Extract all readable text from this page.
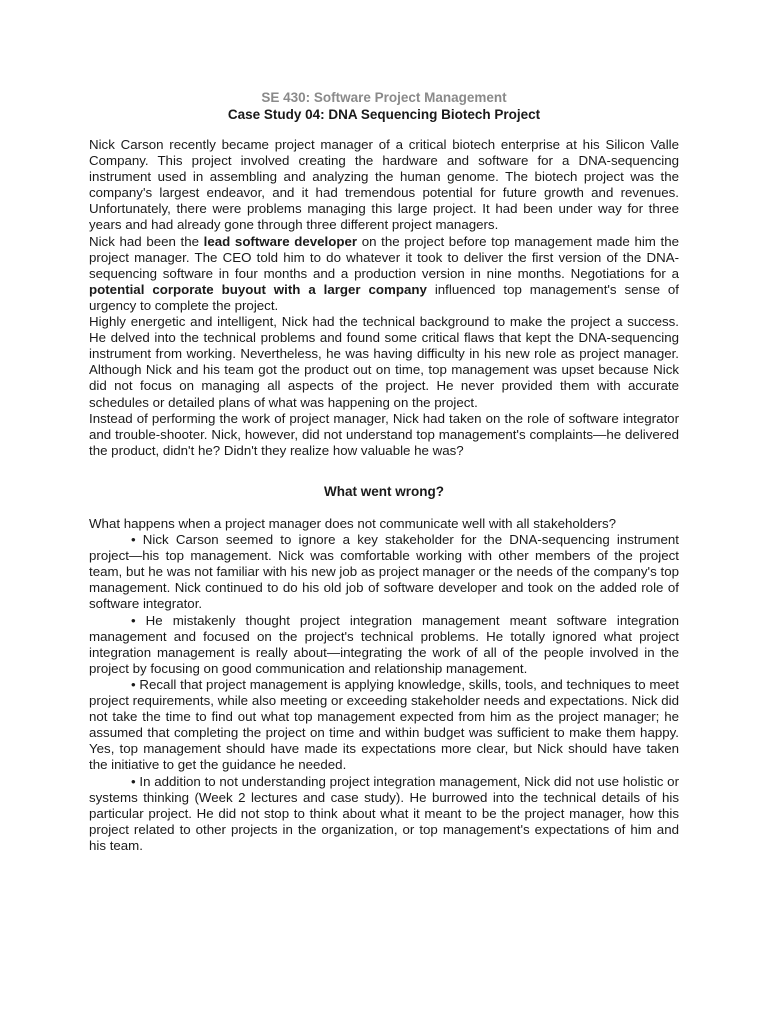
SE 430: Software Project Management
Case Study 04: DNA Sequencing Biotech Project

Nick Carson recently became project manager of a critical biotech enterprise at his Silicon Valle Company. This project involved creating the hardware and software for a DNA-sequencing instrument used in assembling and analyzing the human genome. The biotech project was the company's largest endeavor, and it had tremendous potential for future growth and revenues. Unfortunately, there were problems managing this large project. It had been under way for three years and had already gone through three different project managers.

Nick had been the lead software developer on the project before top management made him the project manager. The CEO told him to do whatever it took to deliver the first version of the DNA-sequencing software in four months and a production version in nine months. Negotiations for a potential corporate buyout with a larger company influenced top management's sense of urgency to complete the project.

Highly energetic and intelligent, Nick had the technical background to make the project a success. He delved into the technical problems and found some critical flaws that kept the DNA-sequencing instrument from working. Nevertheless, he was having difficulty in his new role as project manager. Although Nick and his team got the product out on time, top management was upset because Nick did not focus on managing all aspects of the project. He never provided them with accurate schedules or detailed plans of what was happening on the project.

Instead of performing the work of project manager, Nick had taken on the role of software integrator and trouble-shooter. Nick, however, did not understand top management's complaints—he delivered the product, didn't he? Didn't they realize how valuable he was?

What went wrong?

What happens when a project manager does not communicate well with all stakeholders?

• Nick Carson seemed to ignore a key stakeholder for the DNA-sequencing instrument project—his top management. Nick was comfortable working with other members of the project team, but he was not familiar with his new job as project manager or the needs of the company's top management. Nick continued to do his old job of software developer and took on the added role of software integrator.

• He mistakenly thought project integration management meant software integration management and focused on the project's technical problems. He totally ignored what project integration management is really about—integrating the work of all of the people involved in the project by focusing on good communication and relationship management.

• Recall that project management is applying knowledge, skills, tools, and techniques to meet project requirements, while also meeting or exceeding stakeholder needs and expectations. Nick did not take the time to find out what top management expected from him as the project manager; he assumed that completing the project on time and within budget was sufficient to make them happy. Yes, top management should have made its expectations more clear, but Nick should have taken the initiative to get the guidance he needed.

• In addition to not understanding project integration management, Nick did not use holistic or systems thinking (Week 2 lectures and case study). He burrowed into the technical details of his particular project. He did not stop to think about what it meant to be the project manager, how this project related to other projects in the organization, or top management's expectations of him and his team.
